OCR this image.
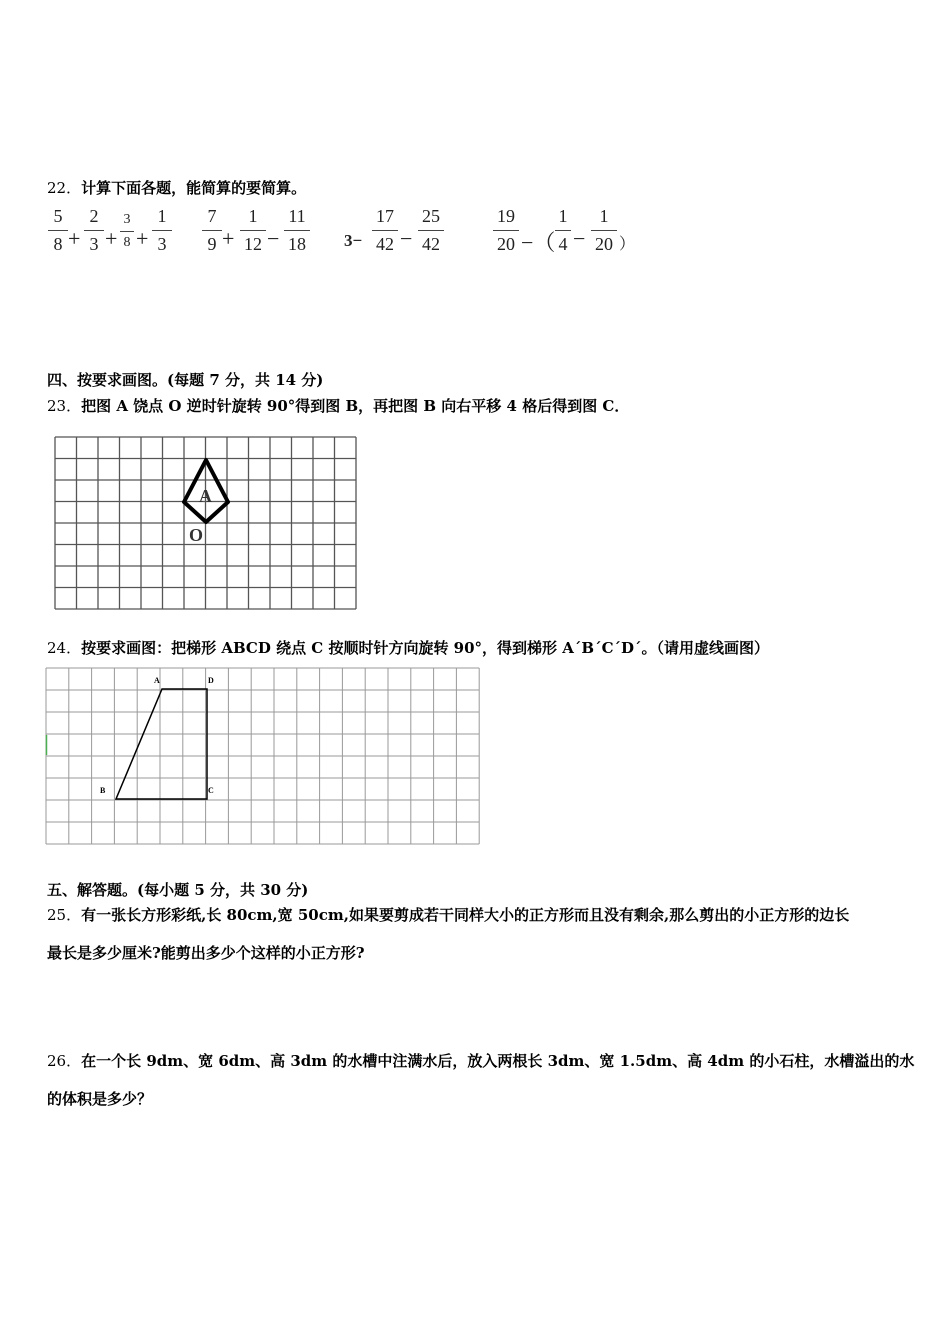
22．计算下面各题，能简算的要简算。
5
8 +
2
3 +
3
8 +
1
3
7
9 +
1
12 −
11
18 3−
17
42 −
25
42
19
20 −（
1
4 −
1
20 ）
四、按要求画图。(每题 7 分，共 14 分)
23．把图 A 饶点 O 逆时针旋转 90°得到图 B，再把图 B 向右平移 4 格后得到图 C．
A
O
24．按要求画图：把梯形 ABCD 绕点 C 按顺时针方向旋转 90°，得到梯形 A´B´C´D´。（请用虚线画图）
A	D
B	C
五、解答题。(每小题 5 分，共 30 分)
25．有一张长方形彩纸,长 80cm,宽 50cm,如果要剪成若干同样大小的正方形而且没有剩余,那么剪出的小正方形的边长
最长是多少厘米?能剪出多少个这样的小正方形?
26．在一个长 9dm、宽 6dm、高 3dm 的水槽中注满水后，放入两根长 3dm、宽 1.5dm、高 4dm 的小石柱，水槽溢出的水
的体积是多少？
